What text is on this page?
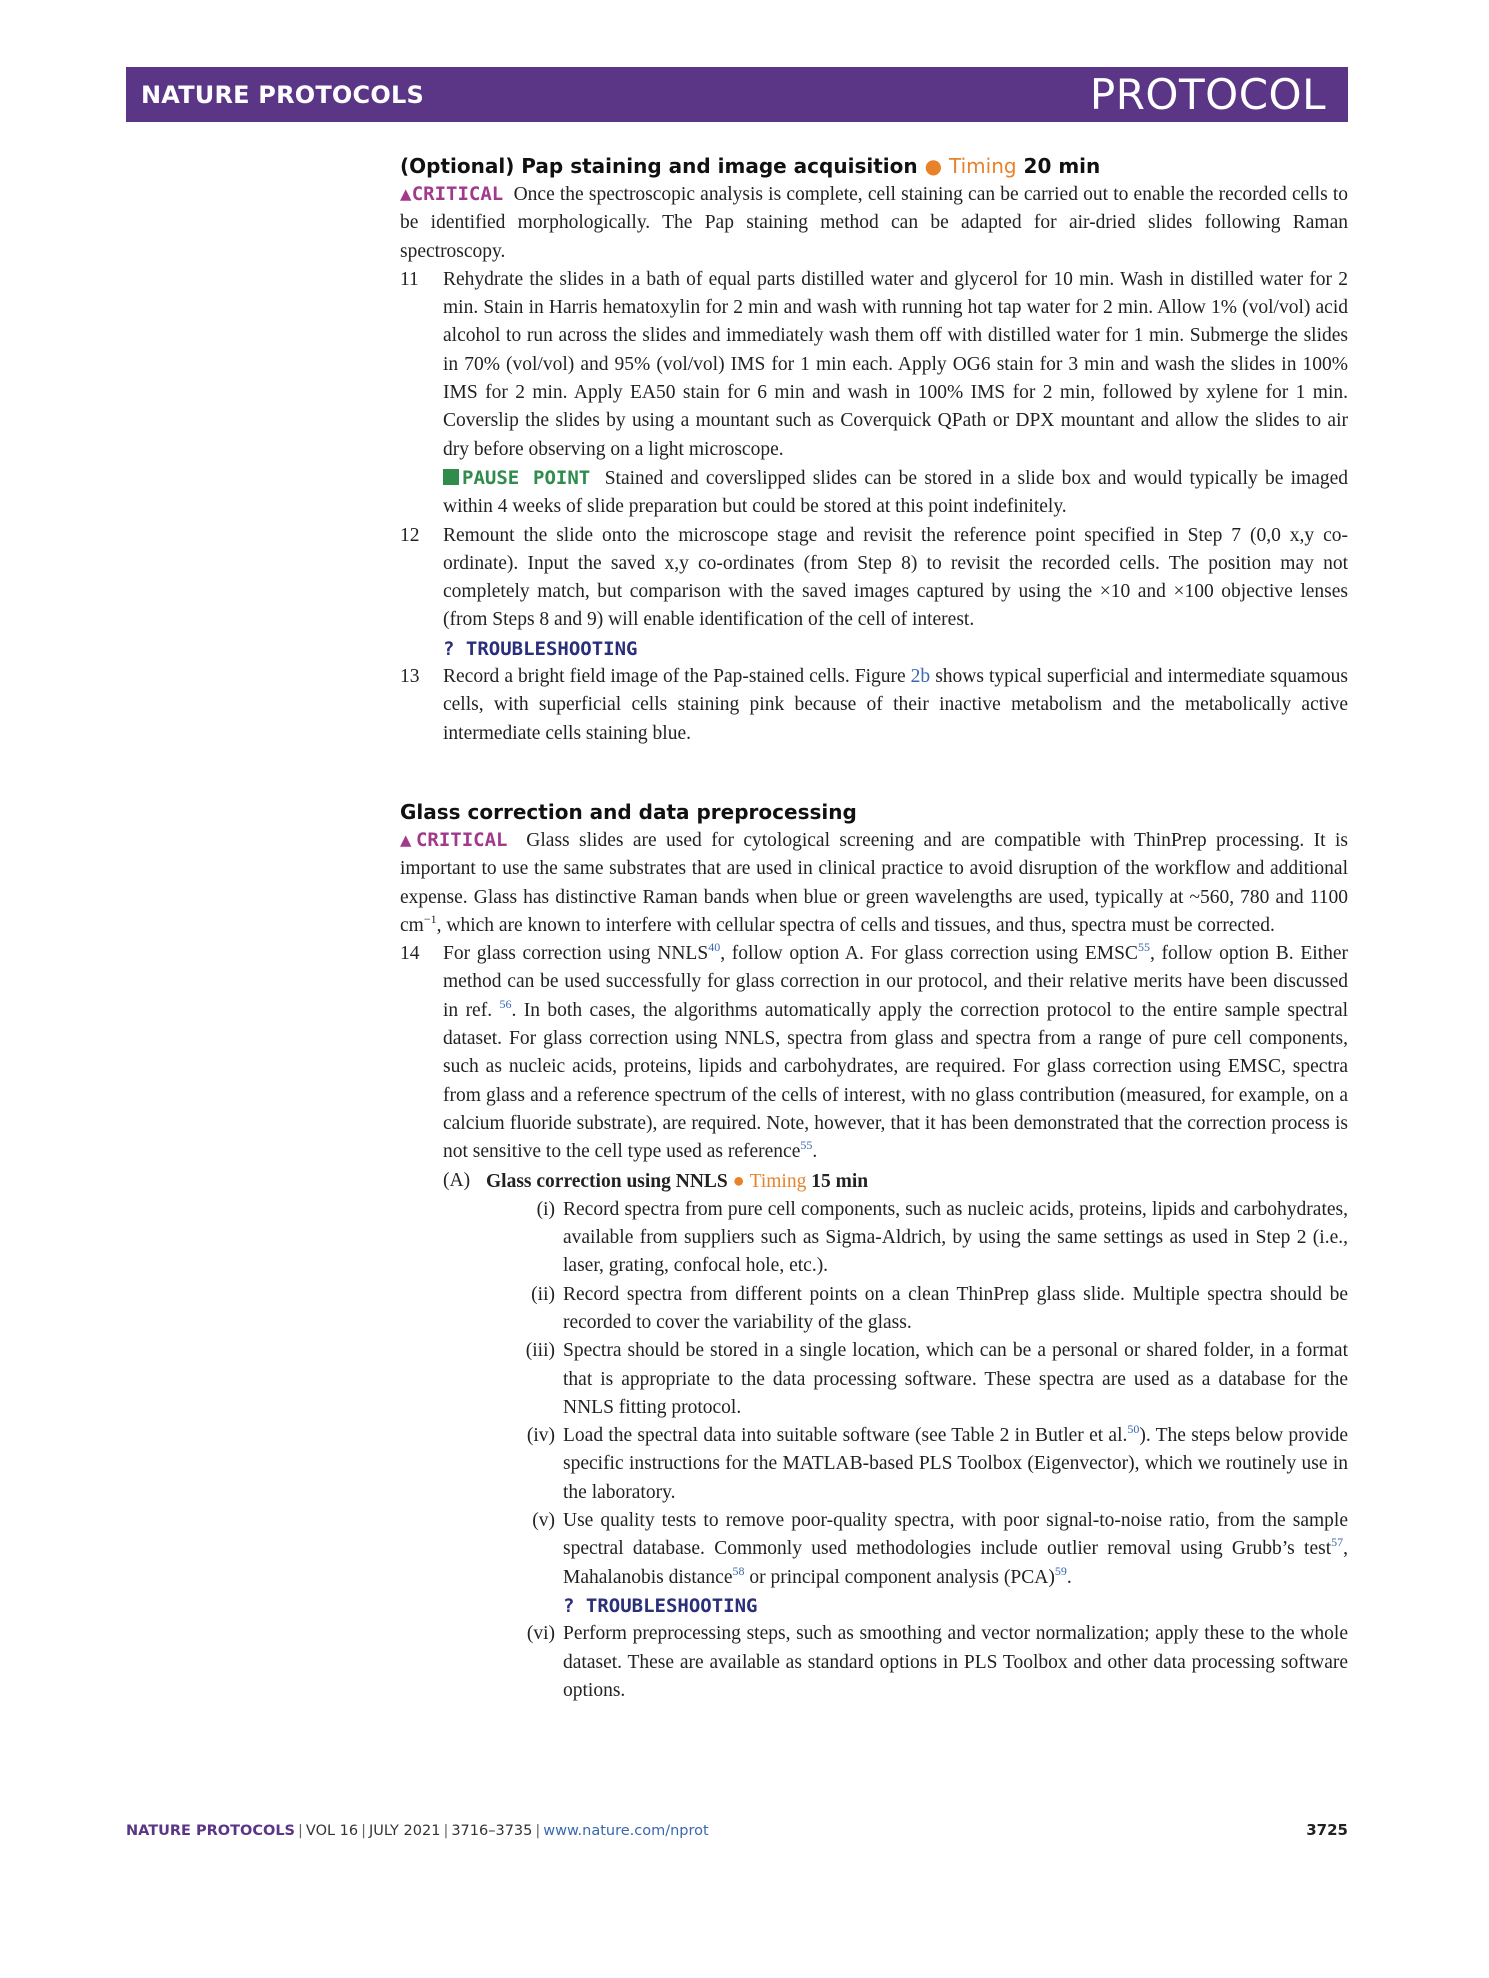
NATURE PROTOCOLS	PROTOCOL
(Optional) Pap staining and image acquisition ● Timing 20 min

▲CRITICAL Once the spectroscopic analysis is complete, cell staining can be carried out to enable the recorded cells to be identified morphologically. The Pap staining method can be adapted for air-dried slides following Raman spectroscopy.

11 Rehydrate the slides in a bath of equal parts distilled water and glycerol for 10 min. Wash in distilled water for 2 min. Stain in Harris hematoxylin for 2 min and wash with running hot tap water for 2 min. Allow 1% (vol/vol) acid alcohol to run across the slides and immediately wash them off with distilled water for 1 min. Submerge the slides in 70% (vol/vol) and 95% (vol/vol) IMS for 1 min each. Apply OG6 stain for 3 min and wash the slides in 100% IMS for 2 min. Apply EA50 stain for 6 min and wash in 100% IMS for 2 min, followed by xylene for 1 min. Coverslip the slides by using a mountant such as Coverquick QPath or DPX mountant and allow the slides to air dry before observing on a light microscope.

PAUSE POINT Stained and coverslipped slides can be stored in a slide box and would typically be imaged within 4 weeks of slide preparation but could be stored at this point indefinitely.

12 Remount the slide onto the microscope stage and revisit the reference point specified in Step 7 (0,0 x,y co-ordinate). Input the saved x,y co-ordinates (from Step 8) to revisit the recorded cells. The position may not completely match, but comparison with the saved images captured by using the ×10 and ×100 objective lenses (from Steps 8 and 9) will enable identification of the cell of interest.

? TROUBLESHOOTING
13 Record a bright field image of the Pap-stained cells. Figure 2b shows typical superficial and intermediate squamous cells, with superficial cells staining pink because of their inactive metabolism and the metabolically active intermediate cells staining blue.

Glass correction and data preprocessing

▲CRITICAL Glass slides are used for cytological screening and are compatible with ThinPrep processing. It is important to use the same substrates that are used in clinical practice to avoid disruption of the workflow and additional expense. Glass has distinctive Raman bands when blue or green wavelengths are used, typically at ~560, 780 and 1100 $cm^{-1}$, which are known to interfere with cellular spectra of cells and tissues, and thus, spectra must be corrected.

14 For glass correction using NNLS$^{40}$, follow option A. For glass correction using EMSC$^{55}$, follow option B. Either method can be used successfully for glass correction in our protocol, and their relative merits have been discussed in ref. $^{56}$. In both cases, the algorithms automatically apply the correction protocol to the entire sample spectral dataset. For glass correction using NNLS, spectra from glass and spectra from a range of pure cell components, such as nucleic acids, proteins, lipids and carbohydrates, are required. For glass correction using EMSC, spectra from glass and a reference spectrum of the cells of interest, with no glass contribution (measured, for example, on a calcium fluoride substrate), are required. Note, however, that it has been demonstrated that the correction process is not sensitive to the cell type used as reference$^{55}$.

(A) Glass correction using NNLS ● Timing 15 min
(i) Record spectra from pure cell components, such as nucleic acids, proteins, lipids and carbohydrates, available from suppliers such as Sigma-Aldrich, by using the same settings as used in Step 2 (i.e., laser, grating, confocal hole, etc.).

(ii) Record spectra from different points on a clean ThinPrep glass slide. Multiple spectra should be recorded to cover the variability of the glass.

(iii) Spectra should be stored in a single location, which can be a personal or shared folder, in a format that is appropriate to the data processing software. These spectra are used as a database for the NNLS fitting protocol.

(iv) Load the spectral data into suitable software (see Table 2 in Butler et al.$^{50}$). The steps below provide specific instructions for the MATLAB-based PLS Toolbox (Eigenvector), which we routinely use in the laboratory.

(v) Use quality tests to remove poor-quality spectra, with poor signal-to-noise ratio, from the sample spectral database. Commonly used methodologies include outlier removal using Grubb’s test$^{57}$, Mahalanobis distance$^{58}$ or principal component analysis (PCA)$^{59}$.

? TROUBLESHOOTING
(vi) Perform preprocessing steps, such as smoothing and vector normalization; apply these to the whole dataset. These are available as standard options in PLS Toolbox and other data processing software options.

NATURE PROTOCOLS | VOL 16 | JULY 2021 | 3716–3735 | www.nature.com/nprot	3725
